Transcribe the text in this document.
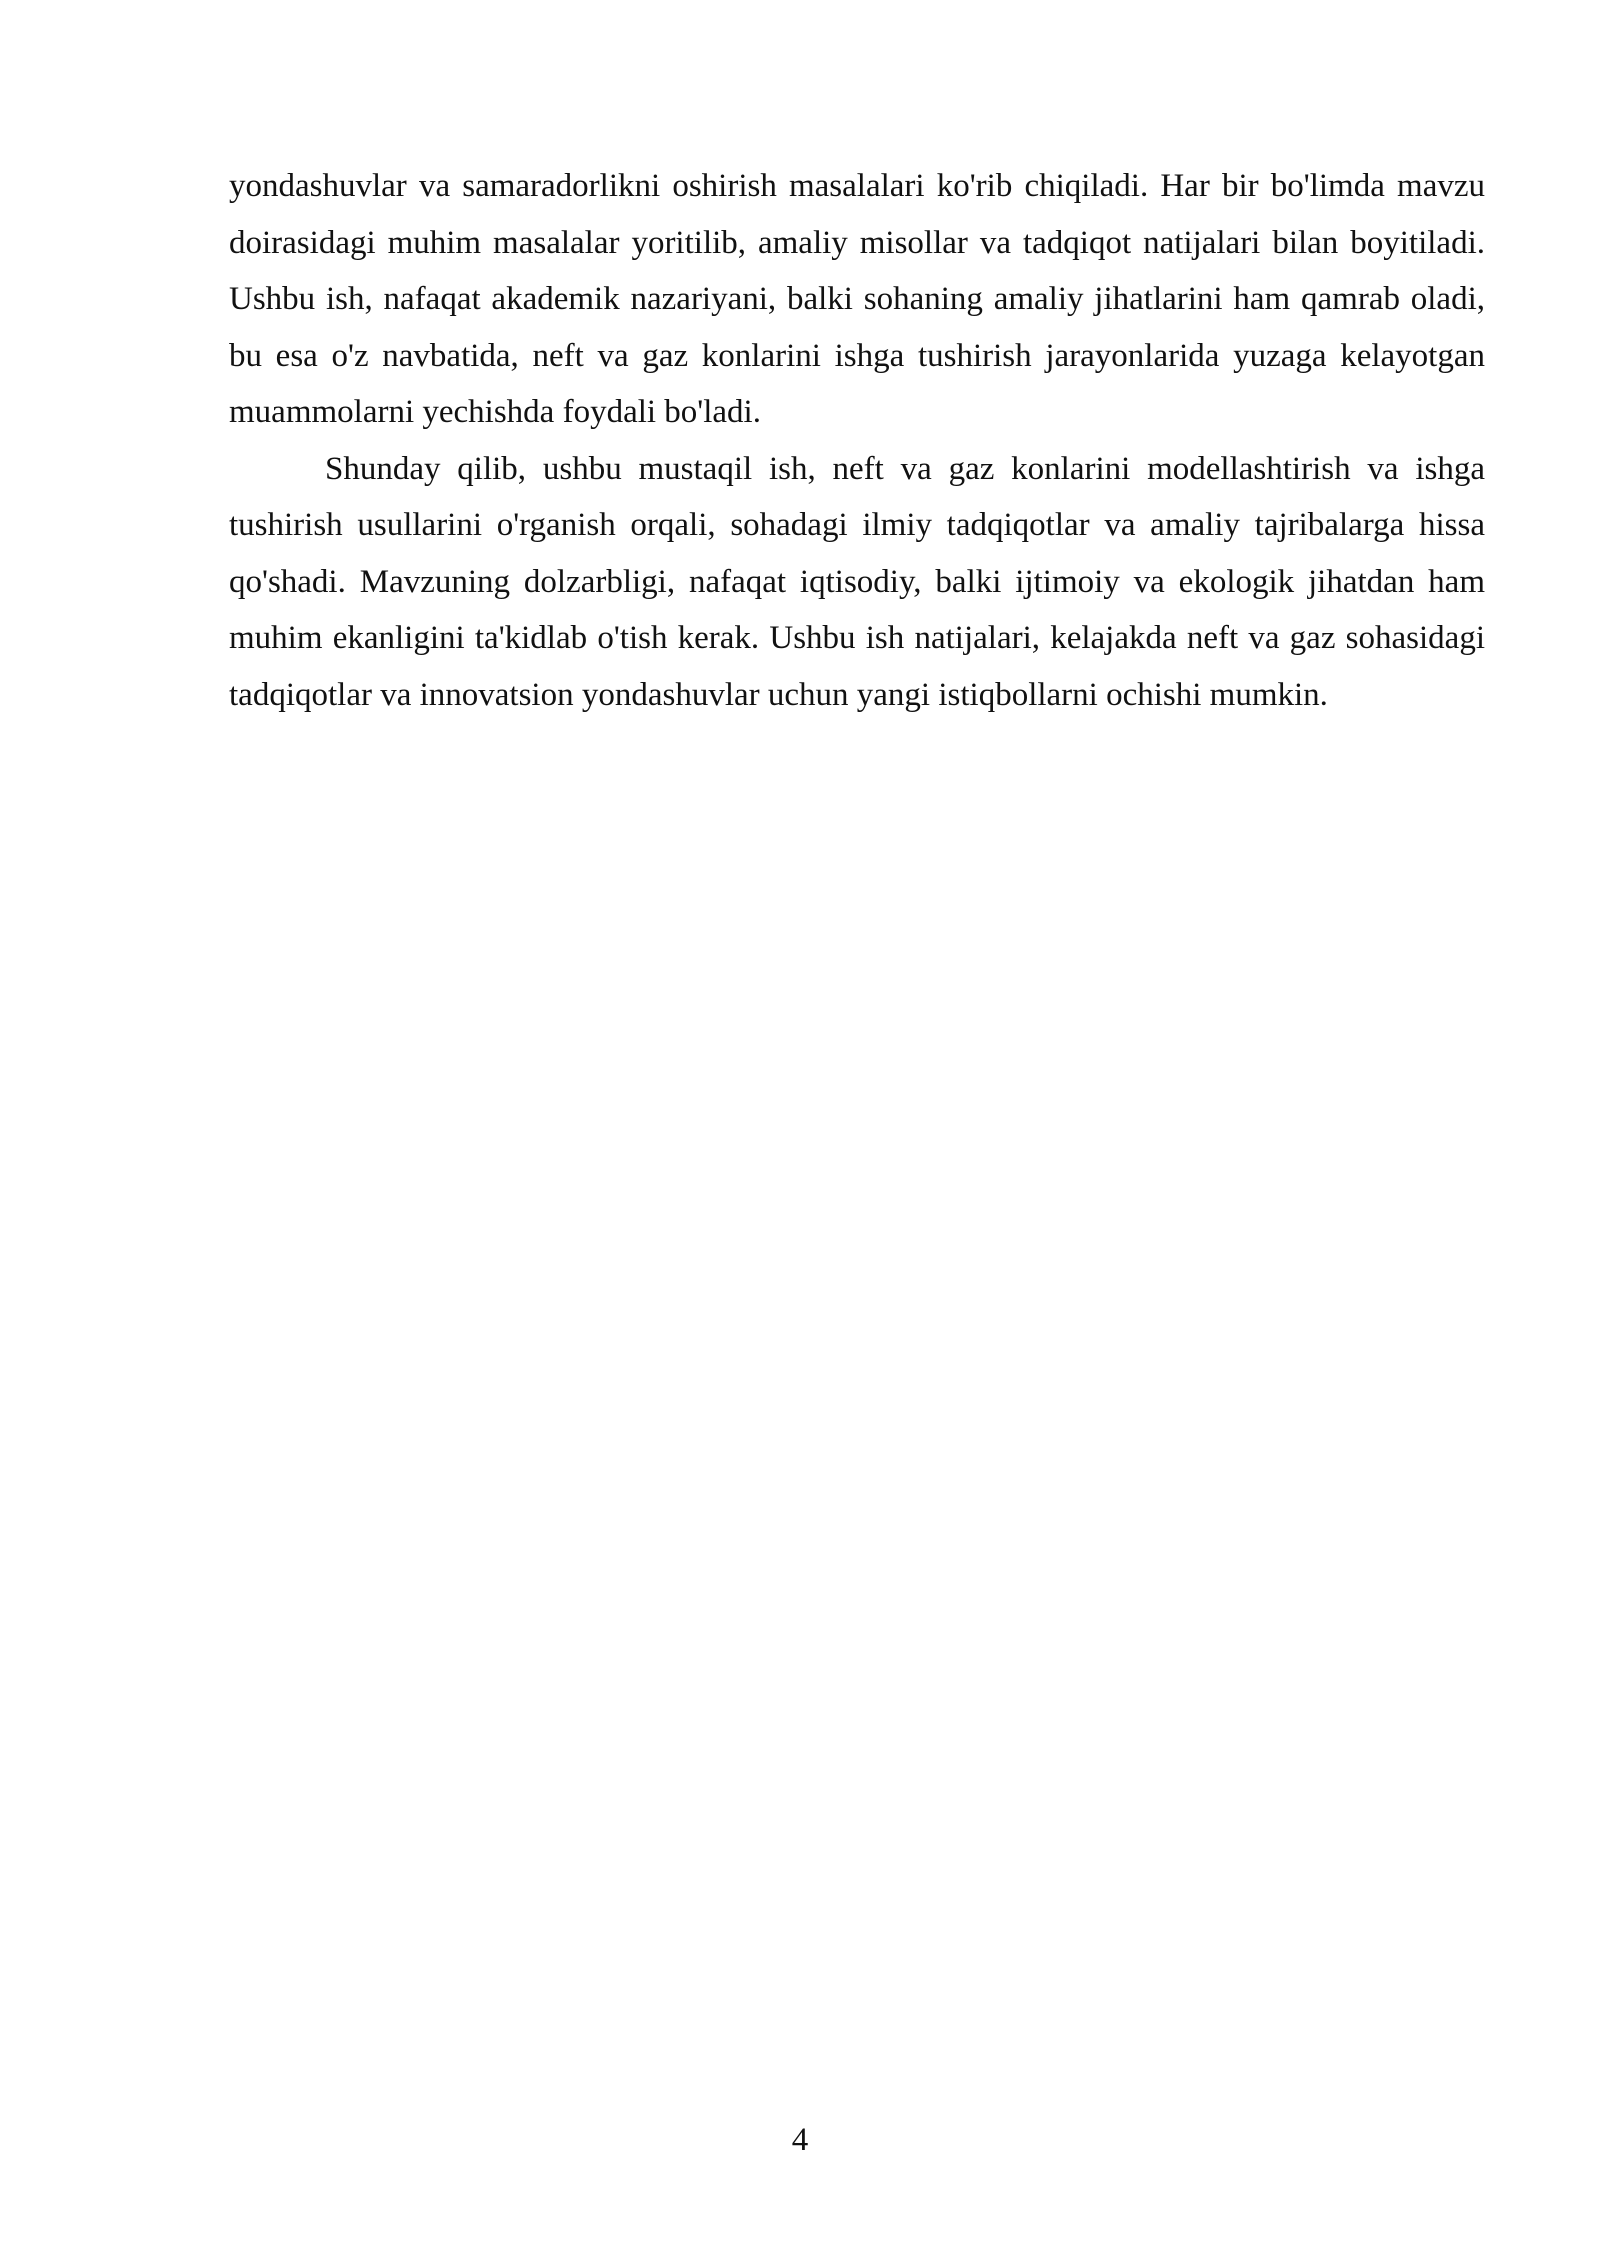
yondashuvlar va samaradorlikni oshirish masalalari ko'rib chiqiladi. Har bir bo'limda mavzu doirasidagi muhim masalalar yoritilib, amaliy misollar va tadqiqot natijalari bilan boyitiladi. Ushbu ish, nafaqat akademik nazariyani, balki sohaning amaliy jihatlarini ham qamrab oladi, bu esa o'z navbatida, neft va gaz konlarini ishga tushirish jarayonlarida yuzaga kelayotgan muammolarni yechishda foydali bo'ladi.

Shunday qilib, ushbu mustaqil ish, neft va gaz konlarini modellashtirish va ishga tushirish usullarini o'rganish orqali, sohadagi ilmiy tadqiqotlar va amaliy tajribalarga hissa qo'shadi. Mavzuning dolzarbligi, nafaqat iqtisodiy, balki ijtimoiy va ekologik jihatdan ham muhim ekanligini ta'kidlab o'tish kerak. Ushbu ish natijalari, kelajakda neft va gaz sohasidagi tadqiqotlar va innovatsion yondashuvlar uchun yangi istiqbollarni ochishi mumkin.

4
